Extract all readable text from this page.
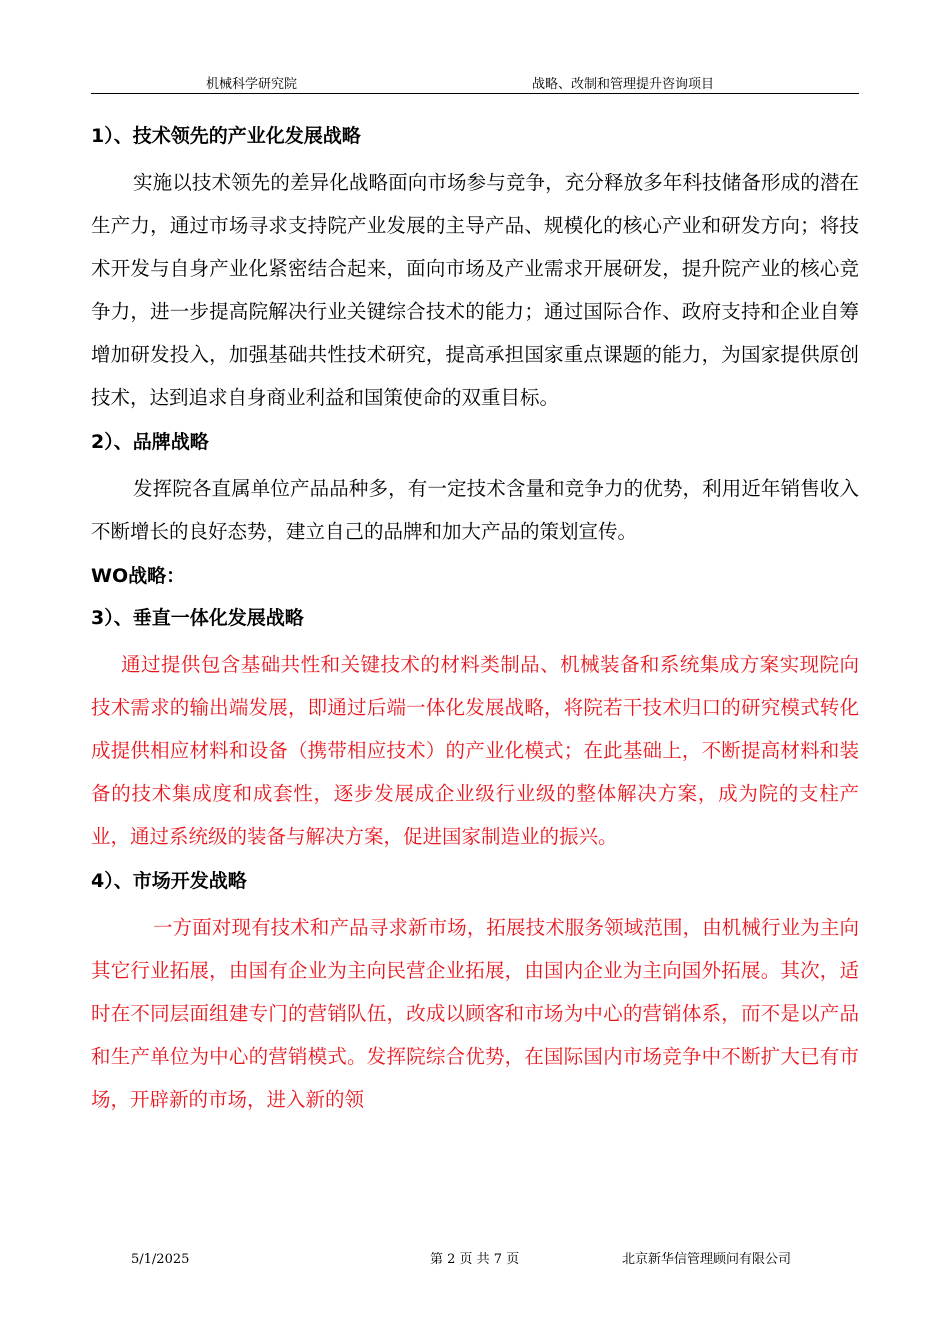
机械科学研究院	战略、改制和管理提升咨询项目
1）、技术领先的产业化发展战略

实施以技术领先的差异化战略面向市场参与竞争，充分释放多年科技储备形成的潜在生产力，通过市场寻求支持院产业发展的主导产品、规模化的核心产业和研发方向；将技术开发与自身产业化紧密结合起来，面向市场及产业需求开展研发，提升院产业的核心竞争力，进一步提高院解决行业关键综合技术的能力；通过国际合作、政府支持和企业自筹增加研发投入，加强基础共性技术研究，提高承担国家重点课题的能力，为国家提供原创技术，达到追求自身商业利益和国策使命的双重目标。

2）、品牌战略

发挥院各直属单位产品品种多，有一定技术含量和竞争力的优势，利用近年销售收入不断增长的良好态势，建立自己的品牌和加大产品的策划宣传。

WO战略：
3）、垂直一体化发展战略

通过提供包含基础共性和关键技术的材料类制品、机械装备和系统集成方案实现院向技术需求的输出端发展，即通过后端一体化发展战略，将院若干技术归口的研究模式转化成提供相应材料和设备（携带相应技术）的产业化模式；在此基础上，不断提高材料和装备的技术集成度和成套性，逐步发展成企业级行业级的整体解决方案，成为院的支柱产业，通过系统级的装备与解决方案，促进国家制造业的振兴。

4）、市场开发战略

一方面对现有技术和产品寻求新市场，拓展技术服务领域范围，由机械行业为主向其它行业拓展，由国有企业为主向民营企业拓展，由国内企业为主向国外拓展。其次，适时在不同层面组建专门的营销队伍，改成以顾客和市场为中心的营销体系，而不是以产品和生产单位为中心的营销模式。发挥院综合优势，在国际国内市场竞争中不断扩大已有市场，开辟新的市场，进入新的领

5/1/2025	第 2 页 共 7 页	北京新华信管理顾问有限公司
